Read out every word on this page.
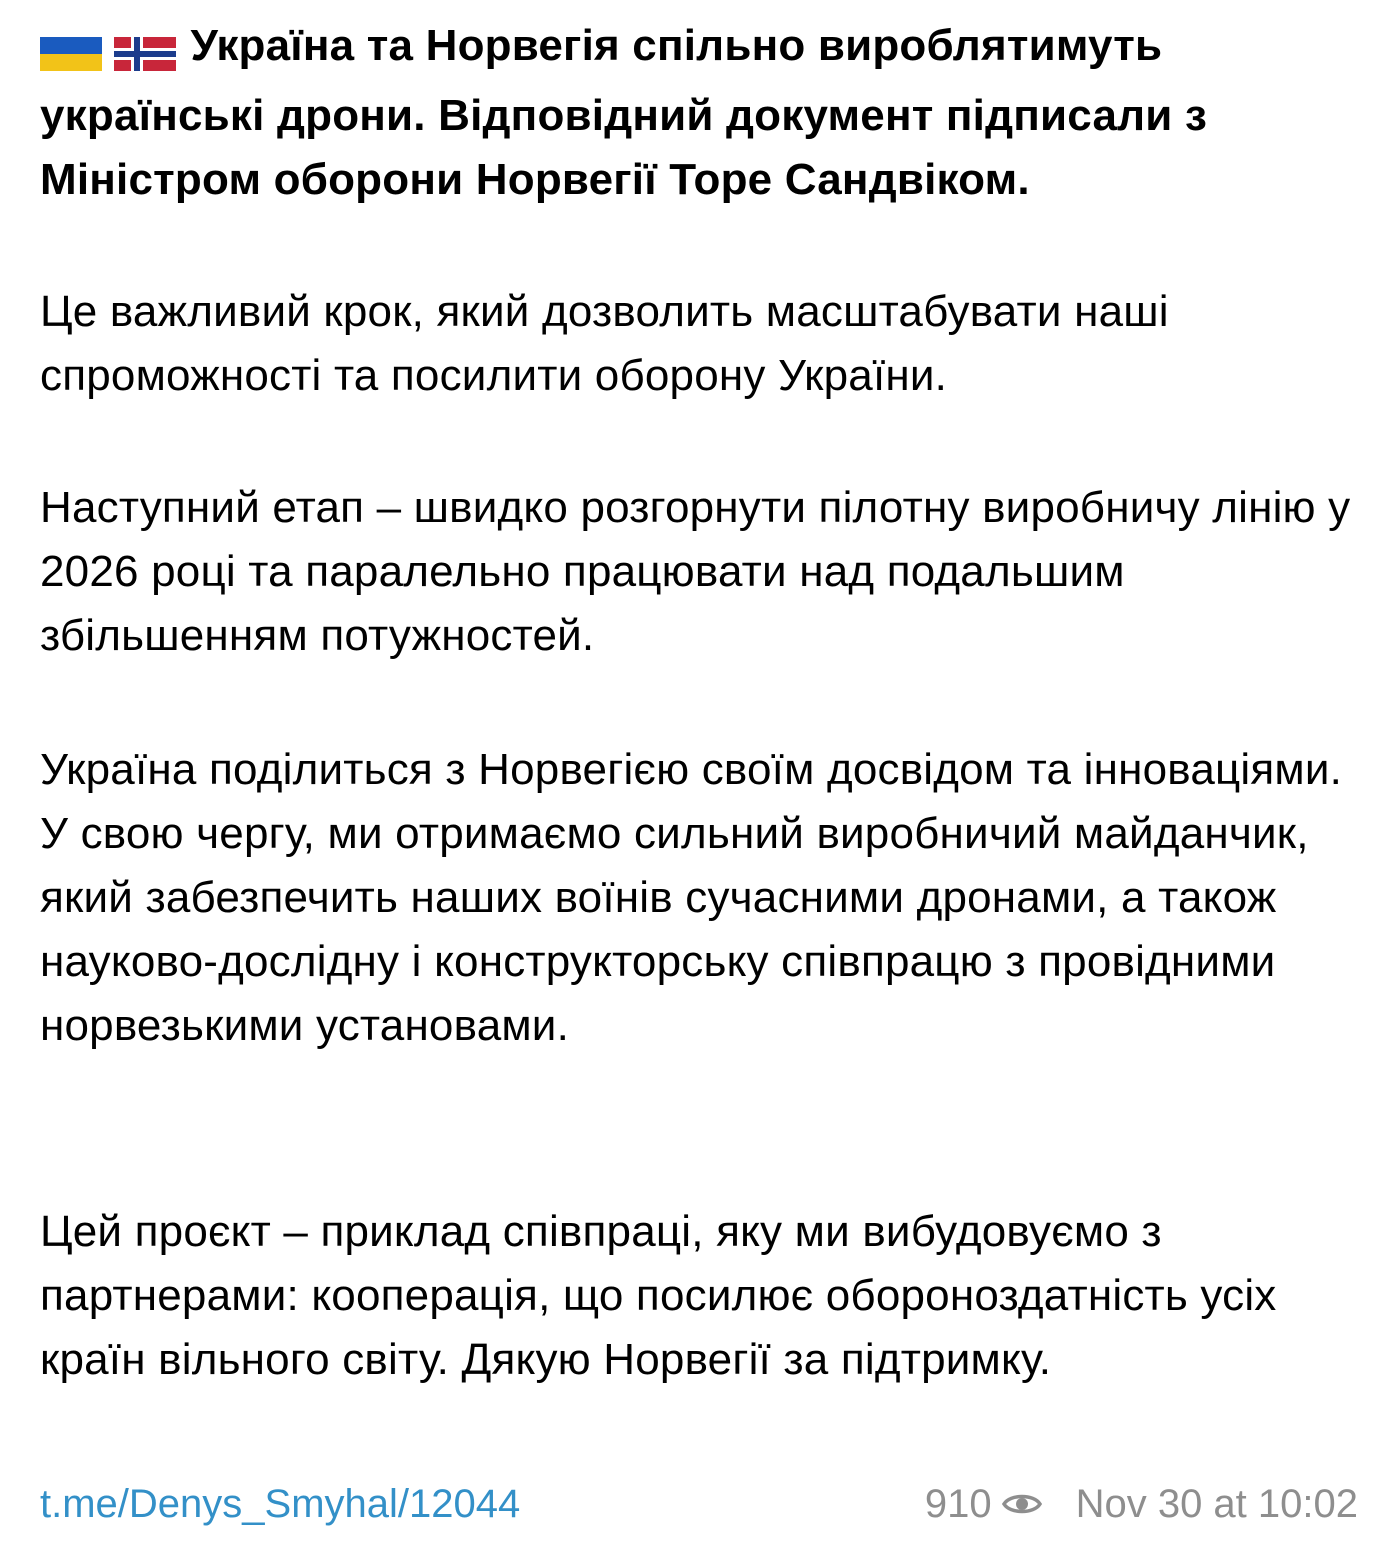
Україна та Норвегія спільно вироблятимуть українські дрони. Відповідний документ підписали з Міністром оборони Норвегії Торе Сандвіком.

Це важливий крок, який дозволить масштабувати наші спроможності та посилити оборону України.

Наступний етап – швидко розгорнути пілотну виробничу лінію у 2026 році та паралельно працювати над подальшим збільшенням потужностей.

Україна поділиться з Норвегією своїм досвідом та інноваціями. У свою чергу, ми отримаємо сильний виробничий майданчик, який забезпечить наших воїнів сучасними дронами, а також науково-дослідну і конструкторську співпрацю з провідними норвезькими установами.

Цей проєкт – приклад співпраці, яку ми вибудовуємо з партнерами: кооперація, що посилює обороноздатність усіх країн вільного світу. Дякую Норвегії за підтримку.

t.me/Denys_Smyhal/12044	910 Nov 30 at 10:02
